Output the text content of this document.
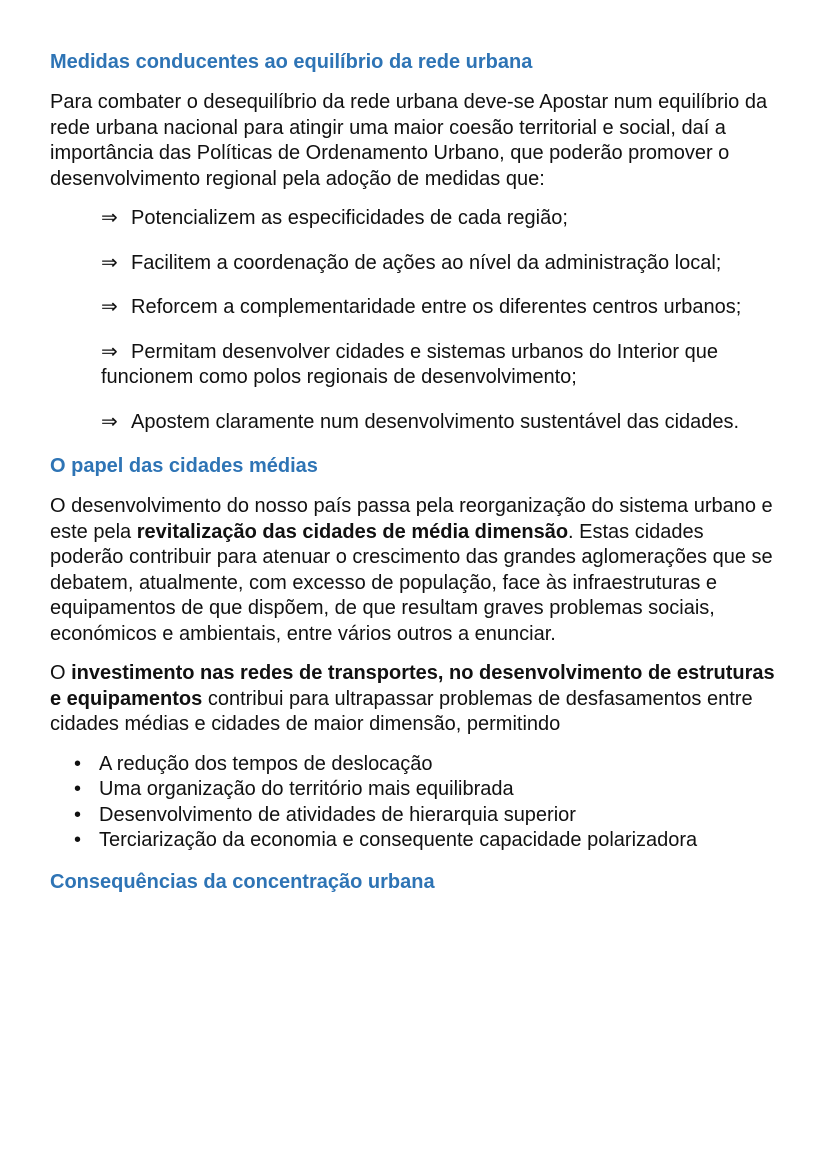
Medidas conducentes ao equilíbrio da rede urbana

Para combater o desequilíbrio da rede urbana deve-se Apostar num equilíbrio da rede urbana nacional para atingir uma maior coesão territorial e social, daí a importância das Políticas de Ordenamento Urbano, que poderão promover o desenvolvimento regional pela adoção de medidas que:

⇒ Potencializem as especificidades de cada região;
⇒ Facilitem a coordenação de ações ao nível da administração local;
⇒ Reforcem a complementaridade entre os diferentes centros urbanos;
⇒ Permitam desenvolver cidades e sistemas urbanos do Interior que funcionem como polos regionais de desenvolvimento;
⇒ Apostem claramente num desenvolvimento sustentável das cidades.
O papel das cidades médias

O desenvolvimento do nosso país passa pela reorganização do sistema urbano e este pela revitalização das cidades de média dimensão. Estas cidades poderão contribuir para atenuar o crescimento das grandes aglomerações que se debatem, atualmente, com excesso de população, face às infraestruturas e equipamentos de que dispõem, de que resultam graves problemas sociais, económicos e ambientais, entre vários outros a enunciar.

O investimento nas redes de transportes, no desenvolvimento de estruturas e equipamentos contribui para ultrapassar problemas de desfasamentos entre cidades médias e cidades de maior dimensão, permitindo

• A redução dos tempos de deslocação
• Uma organização do território mais equilibrada
• Desenvolvimento de atividades de hierarquia superior
• Terciarização da economia e consequente capacidade polarizadora
Consequências da concentração urbana
